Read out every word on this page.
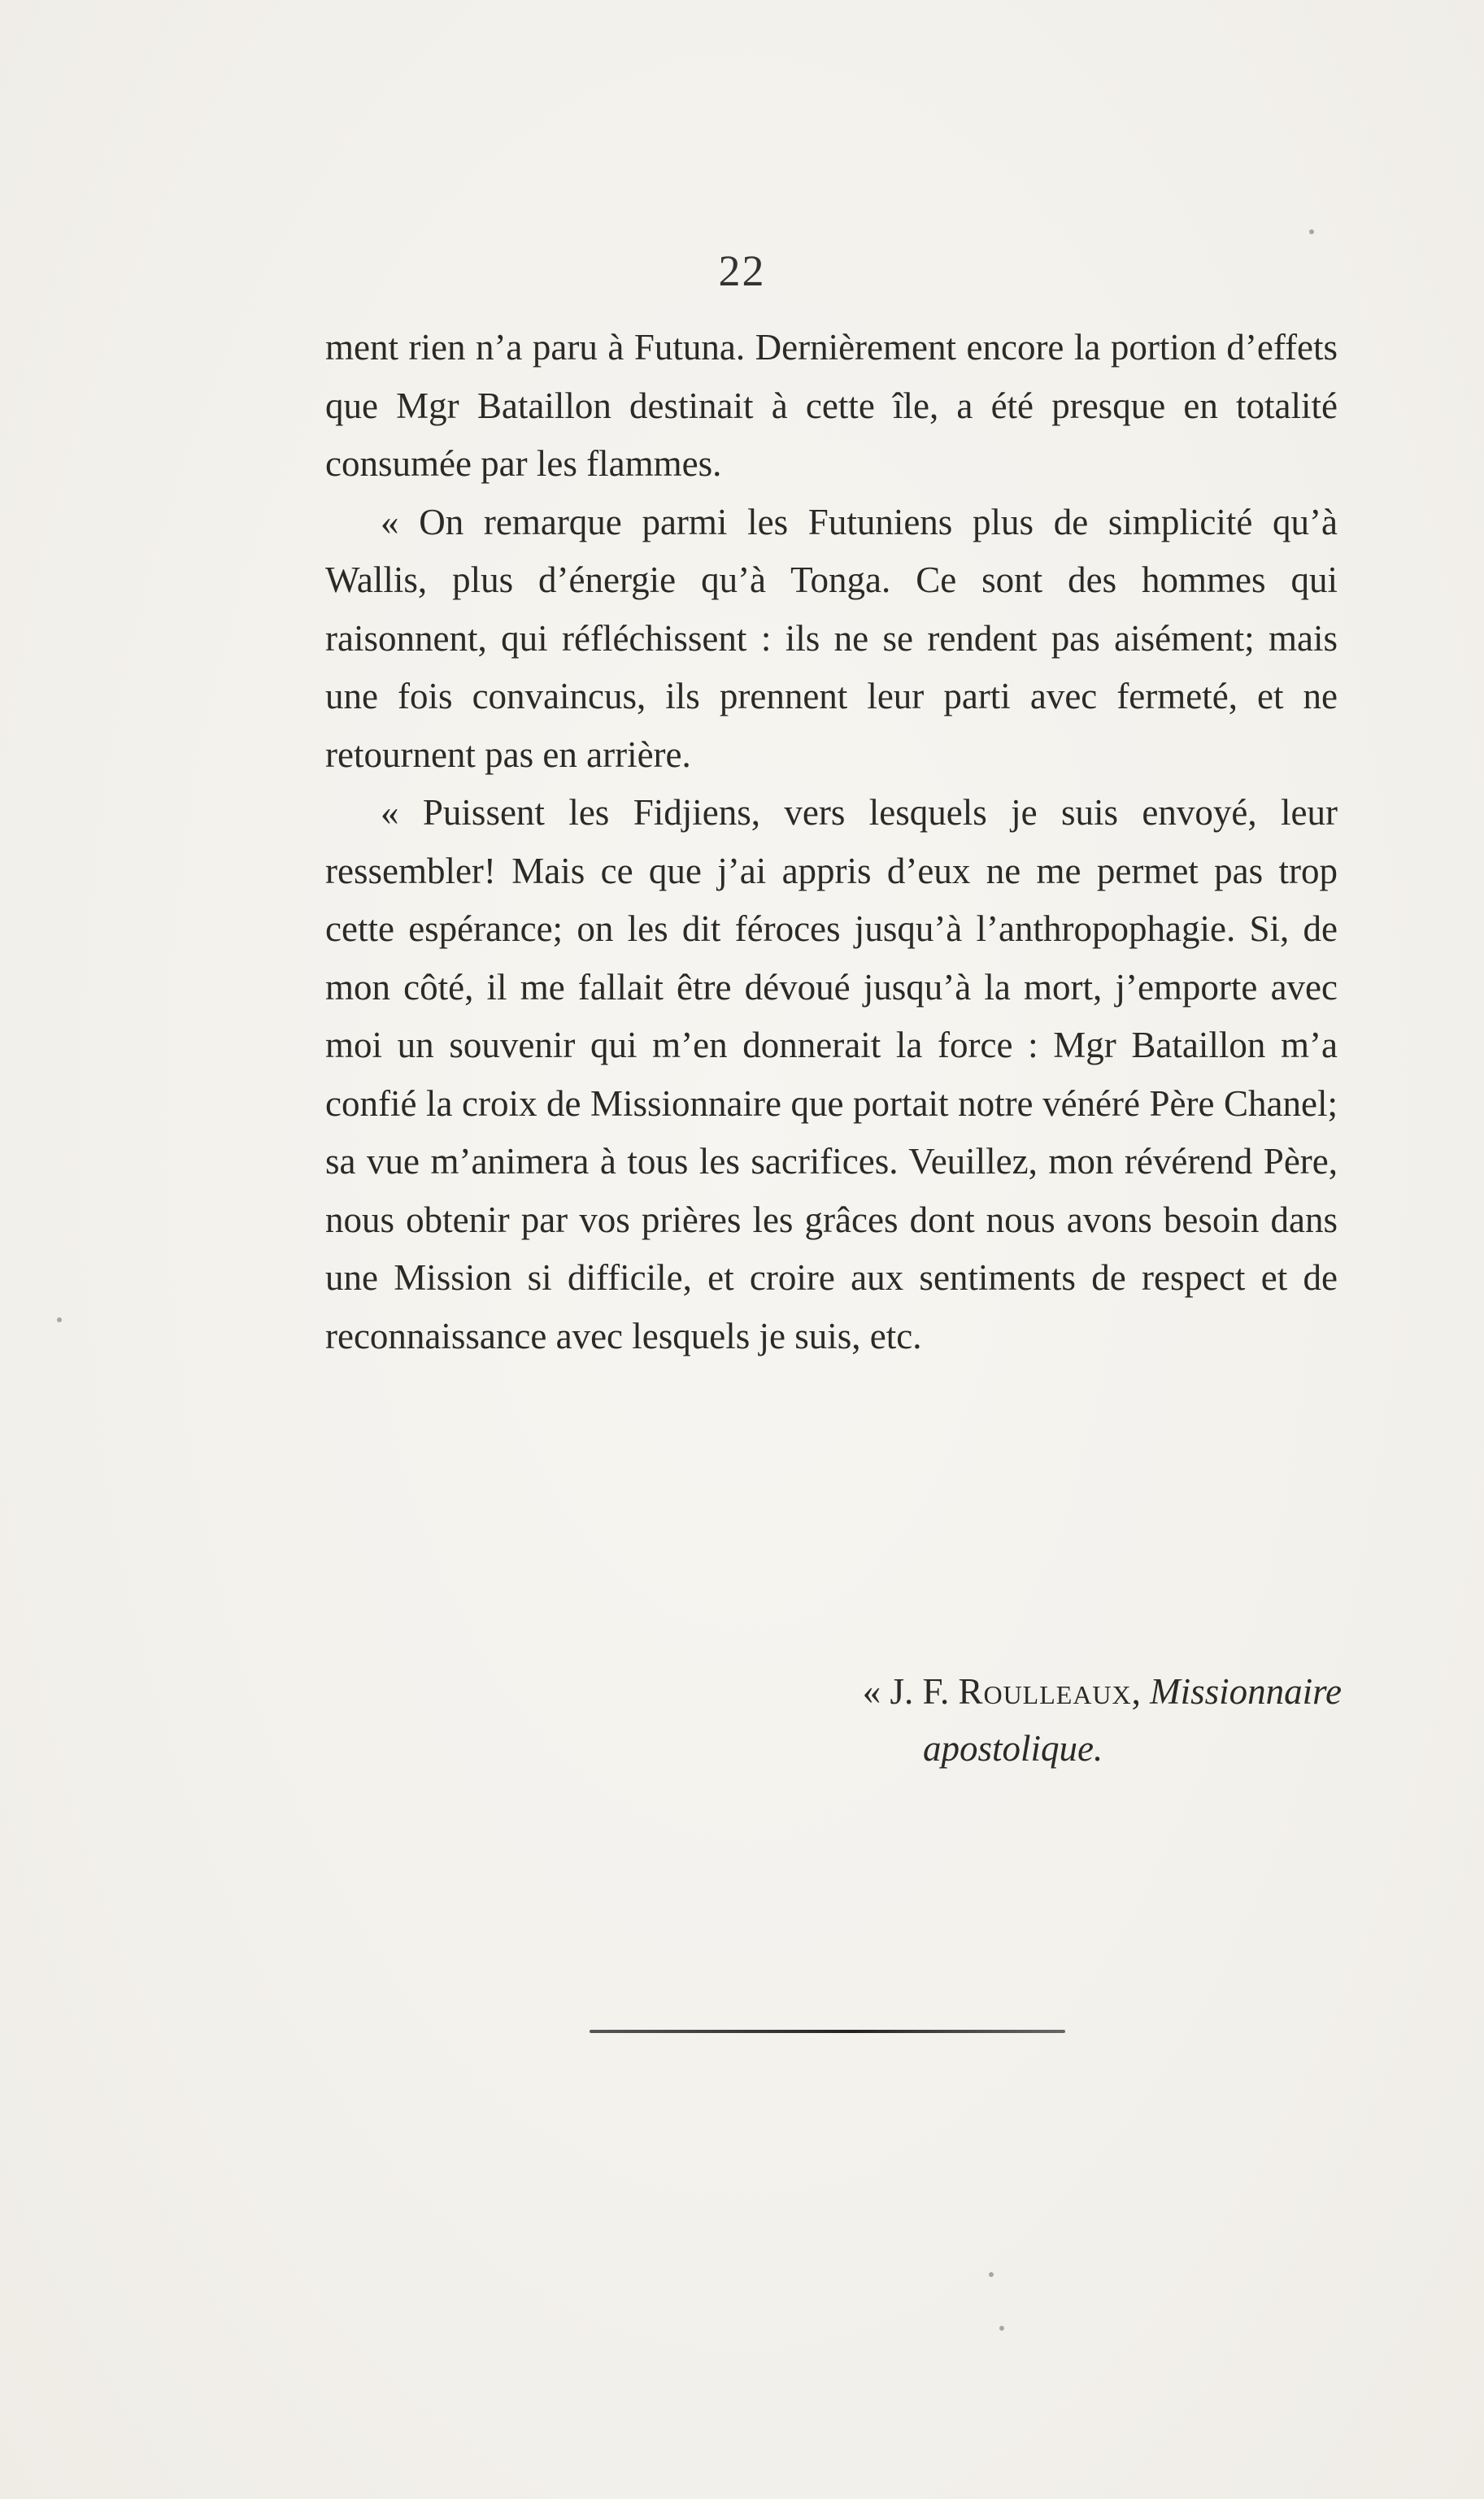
22

ment rien n’a paru à Futuna. Dernièrement encore la portion d’effets que Mgr Bataillon destinait à cette île, a été presque en totalité consumée par les flammes.

« On remarque parmi les Futuniens plus de simplicité qu’à Wallis, plus d’énergie qu’à Tonga. Ce sont des hommes qui raisonnent, qui réfléchissent : ils ne se rendent pas aisément; mais une fois convaincus, ils prennent leur parti avec fermeté, et ne retournent pas en arrière.

« Puissent les Fidjiens, vers lesquels je suis envoyé, leur ressembler! Mais ce que j’ai appris d’eux ne me permet pas trop cette espérance; on les dit féroces jusqu’à l’anthropophagie. Si, de mon côté, il me fallait être dévoué jusqu’à la mort, j’emporte avec moi un souvenir qui m’en donnerait la force : Mgr Bataillon m’a confié la croix de Missionnaire que portait notre vénéré Père Chanel; sa vue m’animera à tous les sacrifices. Veuillez, mon révérend Père, nous obtenir par vos prières les grâces dont nous avons besoin dans une Mission si difficile, et croire aux sentiments de respect et de reconnaissance avec lesquels je suis, etc.

« J. F. Roulleaux, Missionnaire
apostolique.
